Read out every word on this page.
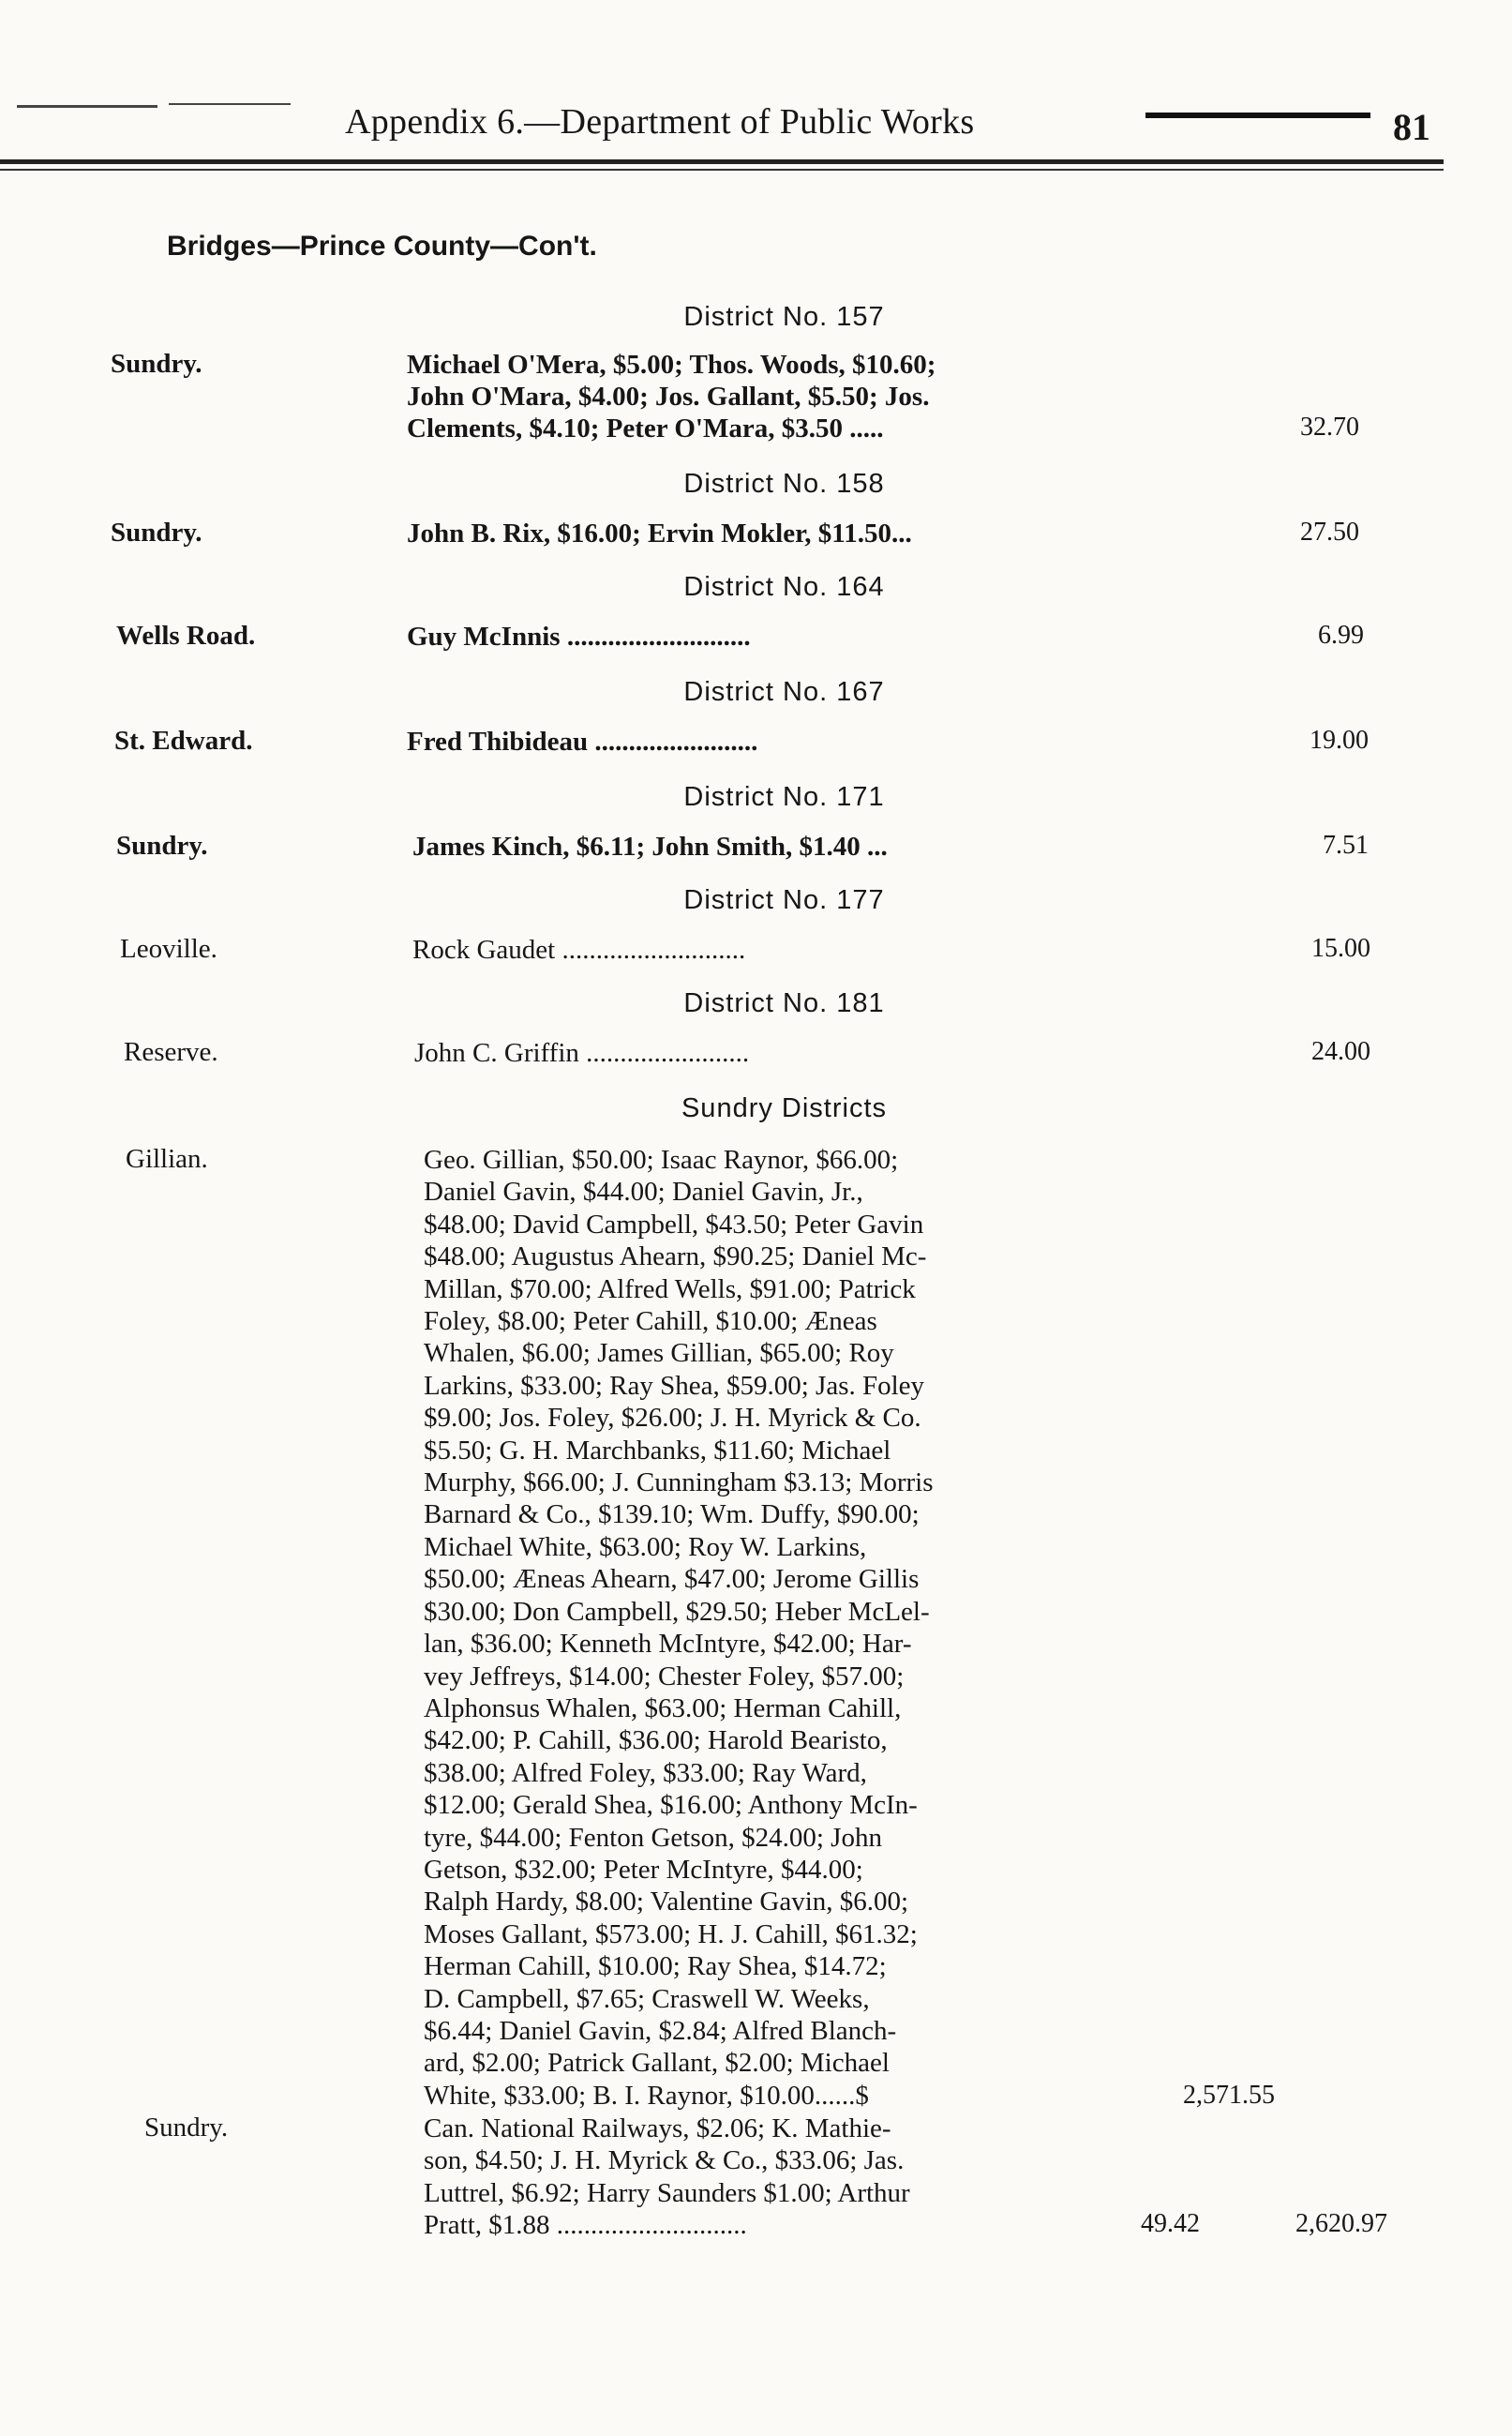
Appendix 6.—Department of Public Works	81
Bridges—Prince County—Con't.
District No. 157
Sundry.	Michael O'Mera, $5.00; Thos. Woods, $10.60;
John O'Mara, $4.00; Jos. Gallant, $5.50; Jos.
Clements, $4.10; Peter O'Mara, $3.50 .....	32.70
District No. 158
Sundry.	John B. Rix, $16.00; Ervin Mokler, $11.50...	27.50
District No. 164
Wells Road.	Guy McInnis ...........................	6.99
District No. 167
St. Edward.	Fred Thibideau ........................	19.00
District No. 171
Sundry.	James Kinch, $6.11; John Smith, $1.40 ...	7.51
District No. 177
Leoville.	Rock Gaudet ...........................	15.00
District No. 181
Reserve.	John C. Griffin ........................	24.00
Sundry Districts
Gillian.	Geo. Gillian, $50.00; Isaac Raynor, $66.00;
Daniel Gavin, $44.00; Daniel Gavin, Jr.,
$48.00; David Campbell, $43.50; Peter Gavin
$48.00; Augustus Ahearn, $90.25; Daniel Mc-
Millan, $70.00; Alfred Wells, $91.00; Patrick
Foley, $8.00; Peter Cahill, $10.00; Æneas
Whalen, $6.00; James Gillian, $65.00; Roy
Larkins, $33.00; Ray Shea, $59.00; Jas. Foley
$9.00; Jos. Foley, $26.00; J. H. Myrick & Co.
$5.50; G. H. Marchbanks, $11.60; Michael
Murphy, $66.00; J. Cunningham $3.13; Morris
Barnard & Co., $139.10; Wm. Duffy, $90.00;
Michael White, $63.00; Roy W. Larkins,
$50.00; Æneas Ahearn, $47.00; Jerome Gillis
$30.00; Don Campbell, $29.50; Heber McLel-
lan, $36.00; Kenneth McIntyre, $42.00; Har-
vey Jeffreys, $14.00; Chester Foley, $57.00;
Alphonsus Whalen, $63.00; Herman Cahill,
$42.00; P. Cahill, $36.00; Harold Bearisto,
$38.00; Alfred Foley, $33.00; Ray Ward,
$12.00; Gerald Shea, $16.00; Anthony McIn-
tyre, $44.00; Fenton Getson, $24.00; John
Getson, $32.00; Peter McIntyre, $44.00;
Ralph Hardy, $8.00; Valentine Gavin, $6.00;
Moses Gallant, $573.00; H. J. Cahill, $61.32;
Herman Cahill, $10.00; Ray Shea, $14.72;
D. Campbell, $7.65; Craswell W. Weeks,
$6.44; Daniel Gavin, $2.84; Alfred Blanch-
ard, $2.00; Patrick Gallant, $2.00; Michael
White, $33.00; B. I. Raynor, $10.00......$	2,571.55
Sundry.	Can. National Railways, $2.06; K. Mathie-
son, $4.50; J. H. Myrick & Co., $33.06; Jas.
Luttrel, $6.92; Harry Saunders $1.00; Arthur
Pratt, $1.88 ............................	49.42	2,620.97
